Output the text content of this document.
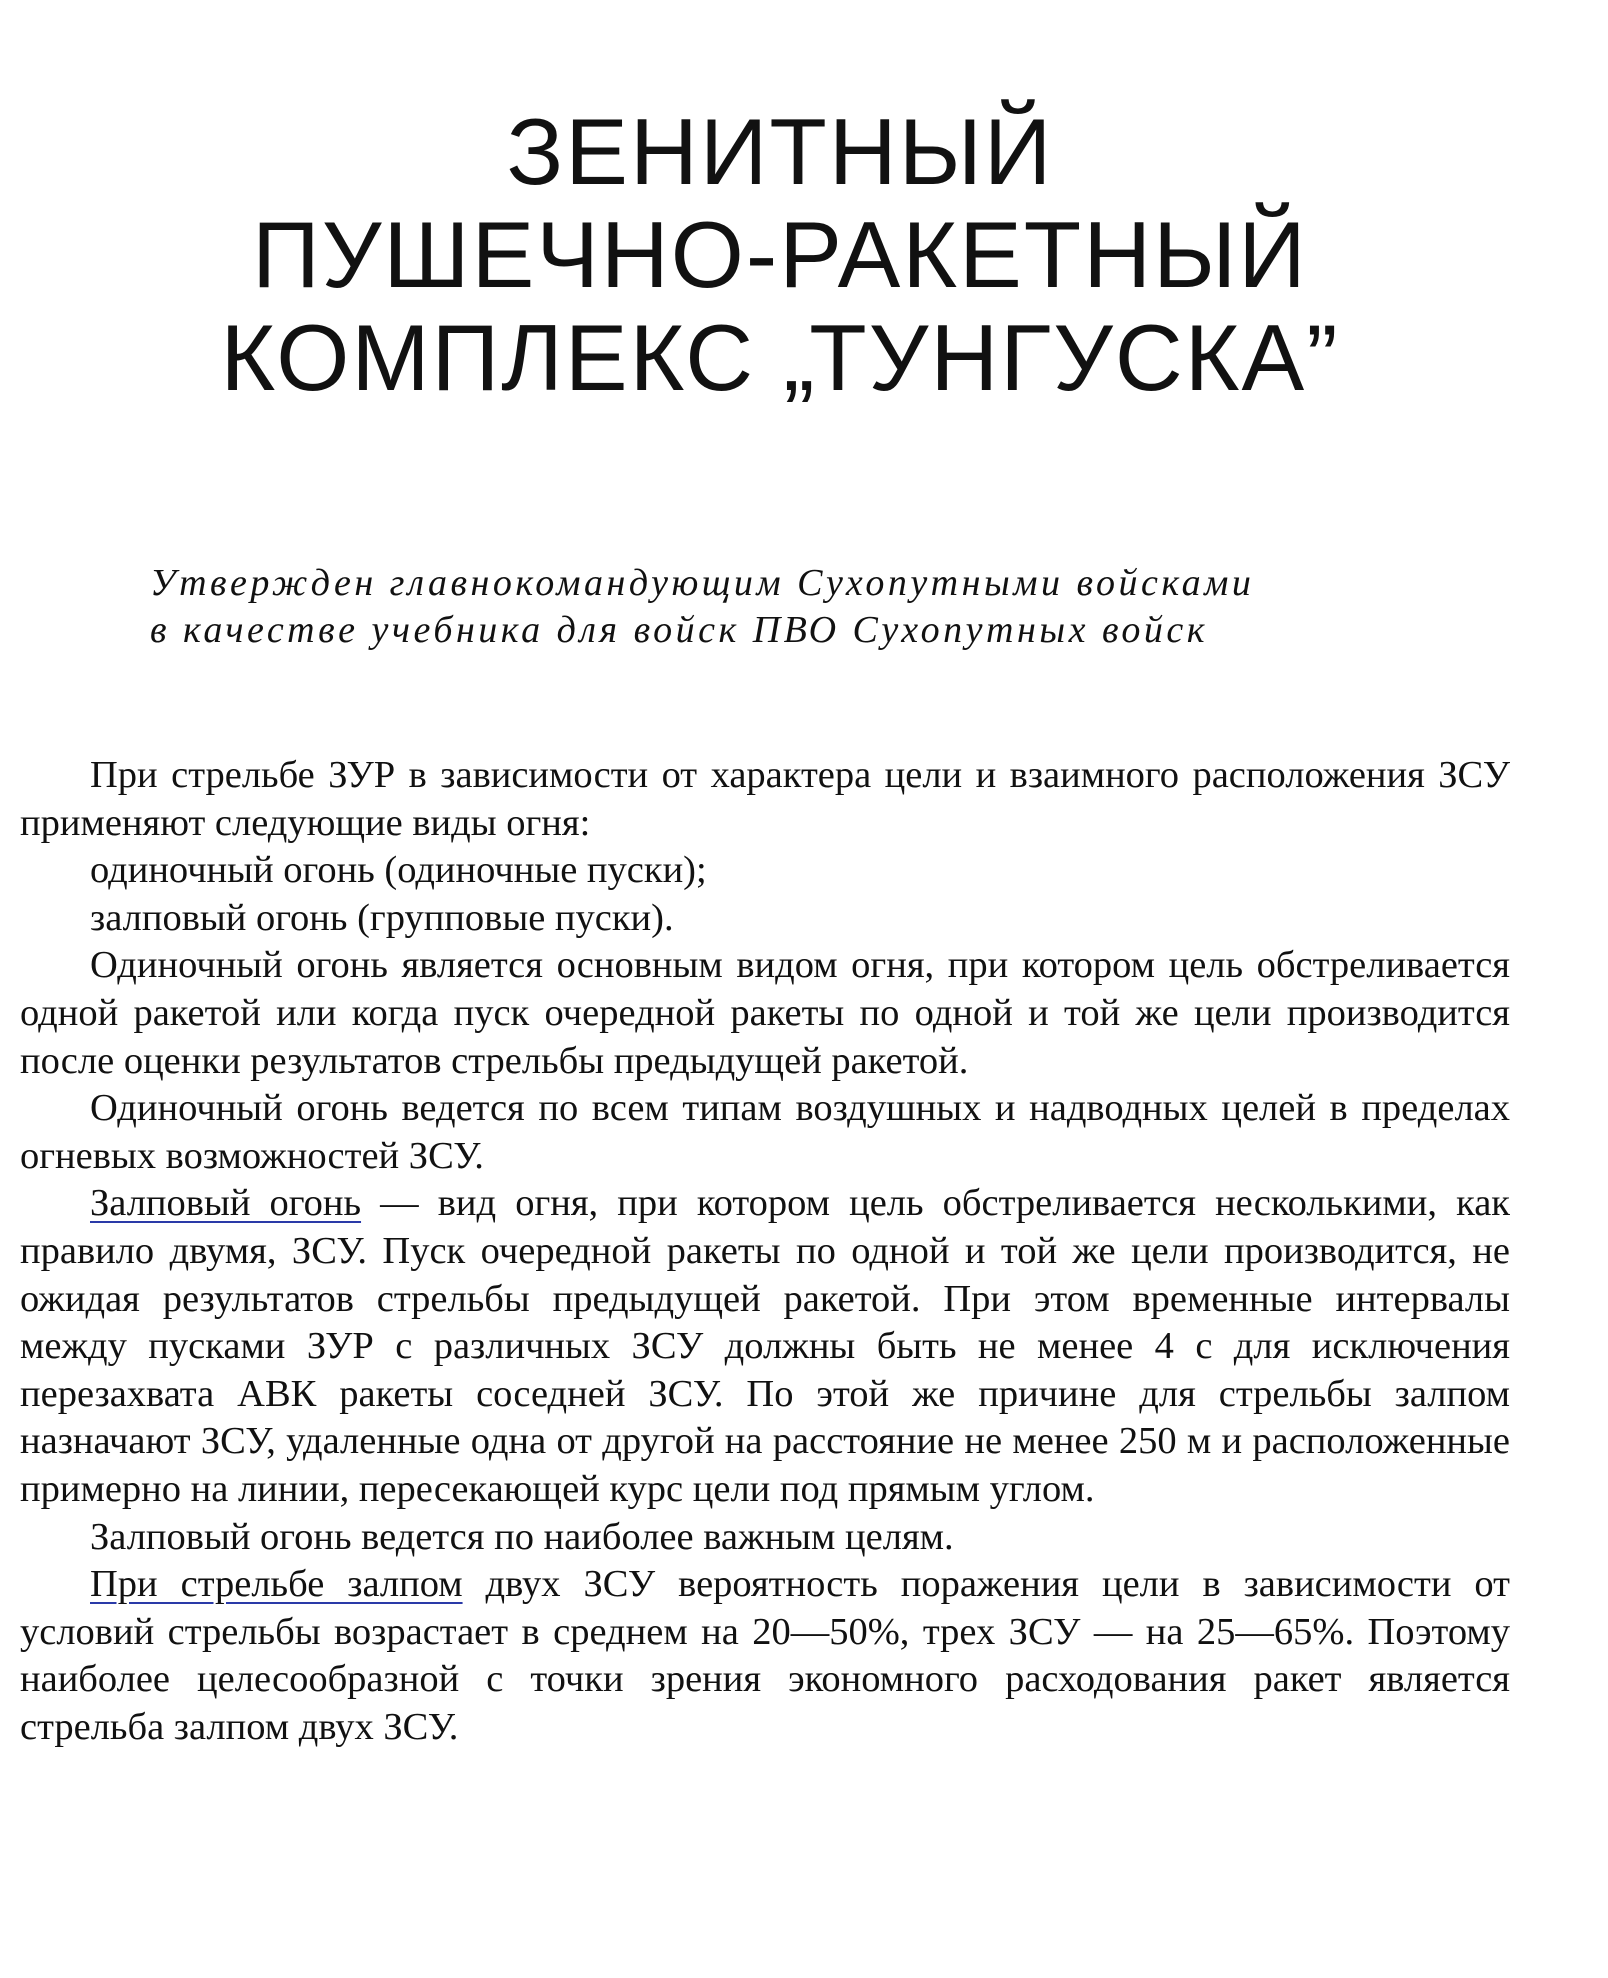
ЗЕНИТНЫЙ
ПУШЕЧНО-РАКЕТНЫЙ
КОМПЛЕКС „ТУНГУСКА”
Утвержден главнокомандующим Сухопутными войсками
в качестве учебника для войск ПВО Сухопутных войск

При стрельбе ЗУР в зависимости от характера цели и взаимного расположения ЗСУ применяют следующие виды огня:

одиночный огонь (одиночные пуски);

залповый огонь (групповые пуски).

Одиночный огонь является основным видом огня, при котором цель обстреливается одной ракетой или когда пуск очередной ракеты по одной и той же цели производится после оценки результатов стрельбы предыдущей ракетой.

Одиночный огонь ведется по всем типам воздушных и надводных целей в пределах огневых возможностей ЗСУ.

Залповый огонь — вид огня, при котором цель обстреливается несколькими, как правило двумя, ЗСУ. Пуск очередной ракеты по одной и той же цели производится, не ожидая результатов стрельбы предыдущей ракетой. При этом временные интервалы между пусками ЗУР с различных ЗСУ должны быть не менее 4 с для исключения перезахвата АВК ракеты соседней ЗСУ. По этой же причине для стрельбы залпом назначают ЗСУ, удаленные одна от другой на расстояние не менее 250 м и расположенные примерно на линии, пересекающей курс цели под прямым углом.

Залповый огонь ведется по наиболее важным целям.

При стрельбе залпом двух ЗСУ вероятность поражения цели в зависимости от условий стрельбы возрастает в среднем на 20—50%, трех ЗСУ — на 25—65%. Поэтому наиболее целесообразной с точки зрения экономного расходования ракет является стрельба залпом двух ЗСУ.
